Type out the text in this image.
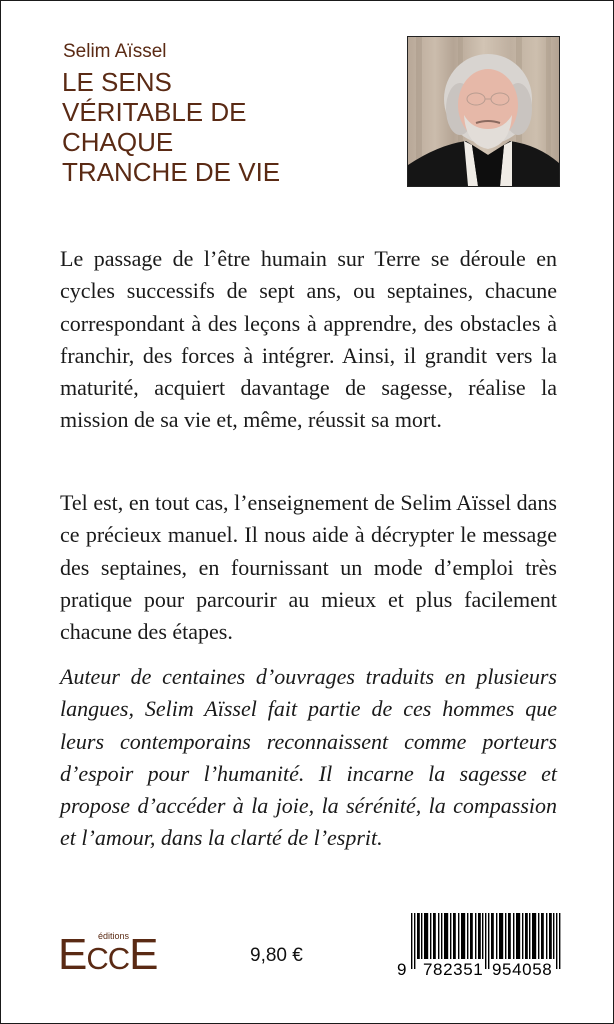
Selim Aïssel
LE SENS
VÉRITABLE DE
CHAQUE
TRANCHE DE VIE

Le passage de l’être humain sur Terre se déroule en cycles successifs de sept ans, ou septaines, chacune correspondant à des leçons à apprendre, des obstacles à franchir, des forces à intégrer. Ainsi, il grandit vers la maturité, acquiert davantage de sagesse, réalise la mission de sa vie et, même, réussit sa mort.

Tel est, en tout cas, l’enseignement de Selim Aïssel dans ce précieux manuel. Il nous aide à décrypter le message des septaines, en fournissant un mode d’emploi très pratique pour parcourir au mieux et plus facilement chacune des étapes.

Auteur de centaines d’ouvrages traduits en plusieurs langues, Selim Aïssel fait partie de ces hommes que leurs contemporains reconnaissent comme porteurs d’espoir pour l’humanité. Il incarne la sagesse et propose d’accéder à la joie, la sérénité, la compassion et l’amour, dans la clarté de l’esprit.

éditions
ECCE	9,80 €
9 782351 954058
